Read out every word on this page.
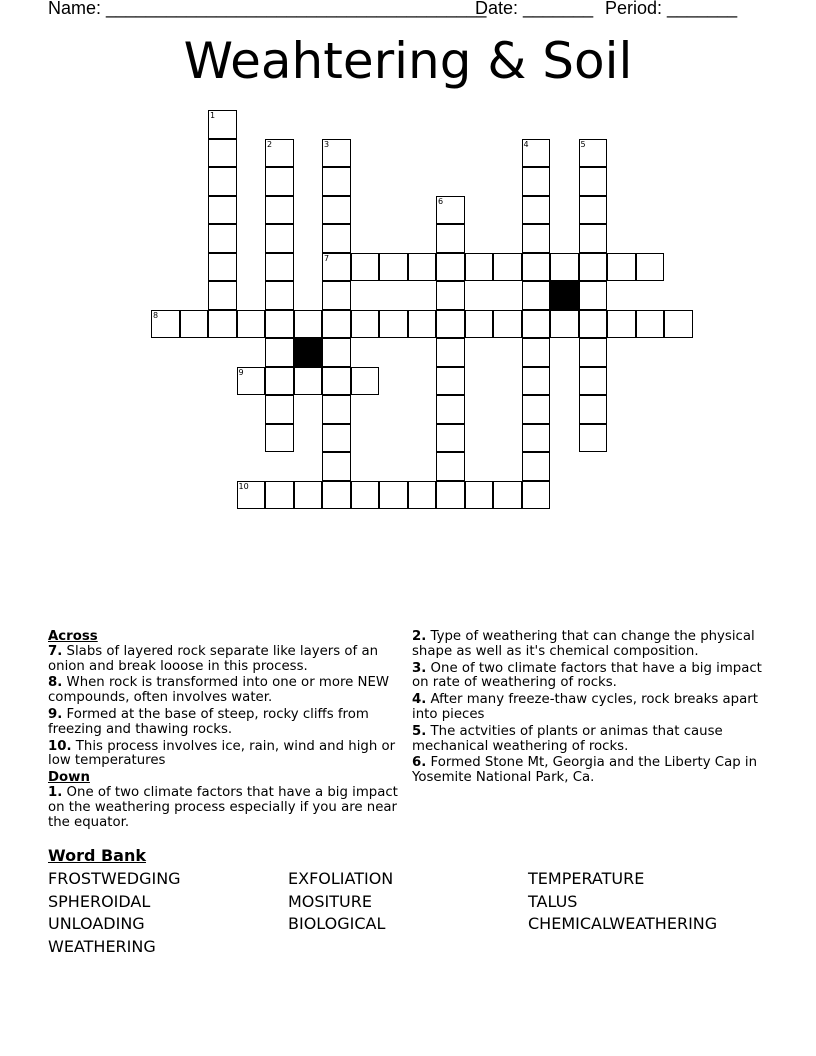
Name: ______________________________________
Date: _______ Period: _______
Weahtering & Soil
1
2	3
7
6
4	5
8
9
10
Across

7. Slabs of layered rock separate like layers of an onion and break looose in this process.

8. When rock is transformed into one or more NEW compounds, often involves water.

9. Formed at the base of steep, rocky cliffs from freezing and thawing rocks.

10. This process involves ice, rain, wind and high or low temperatures

Down

1. One of two climate factors that have a big impact on the weathering process especially if you are near the equator.

2. Type of weathering that can change the physical shape as well as it's chemical composition.

3. One of two climate factors that have a big impact on rate of weathering of rocks.

4. After many freeze-thaw cycles, rock breaks apart into pieces

5. The actvities of plants or animas that cause mechanical weathering of rocks.

6. Formed Stone Mt, Georgia and the Liberty Cap in Yosemite National Park, Ca.

Word Bank
FROSTWEDGING	EXFOLIATION	TEMPERATURE
SPHEROIDAL	MOSITURE	TALUS
UNLOADING	BIOLOGICAL	CHEMICALWEATHERING
WEATHERING
